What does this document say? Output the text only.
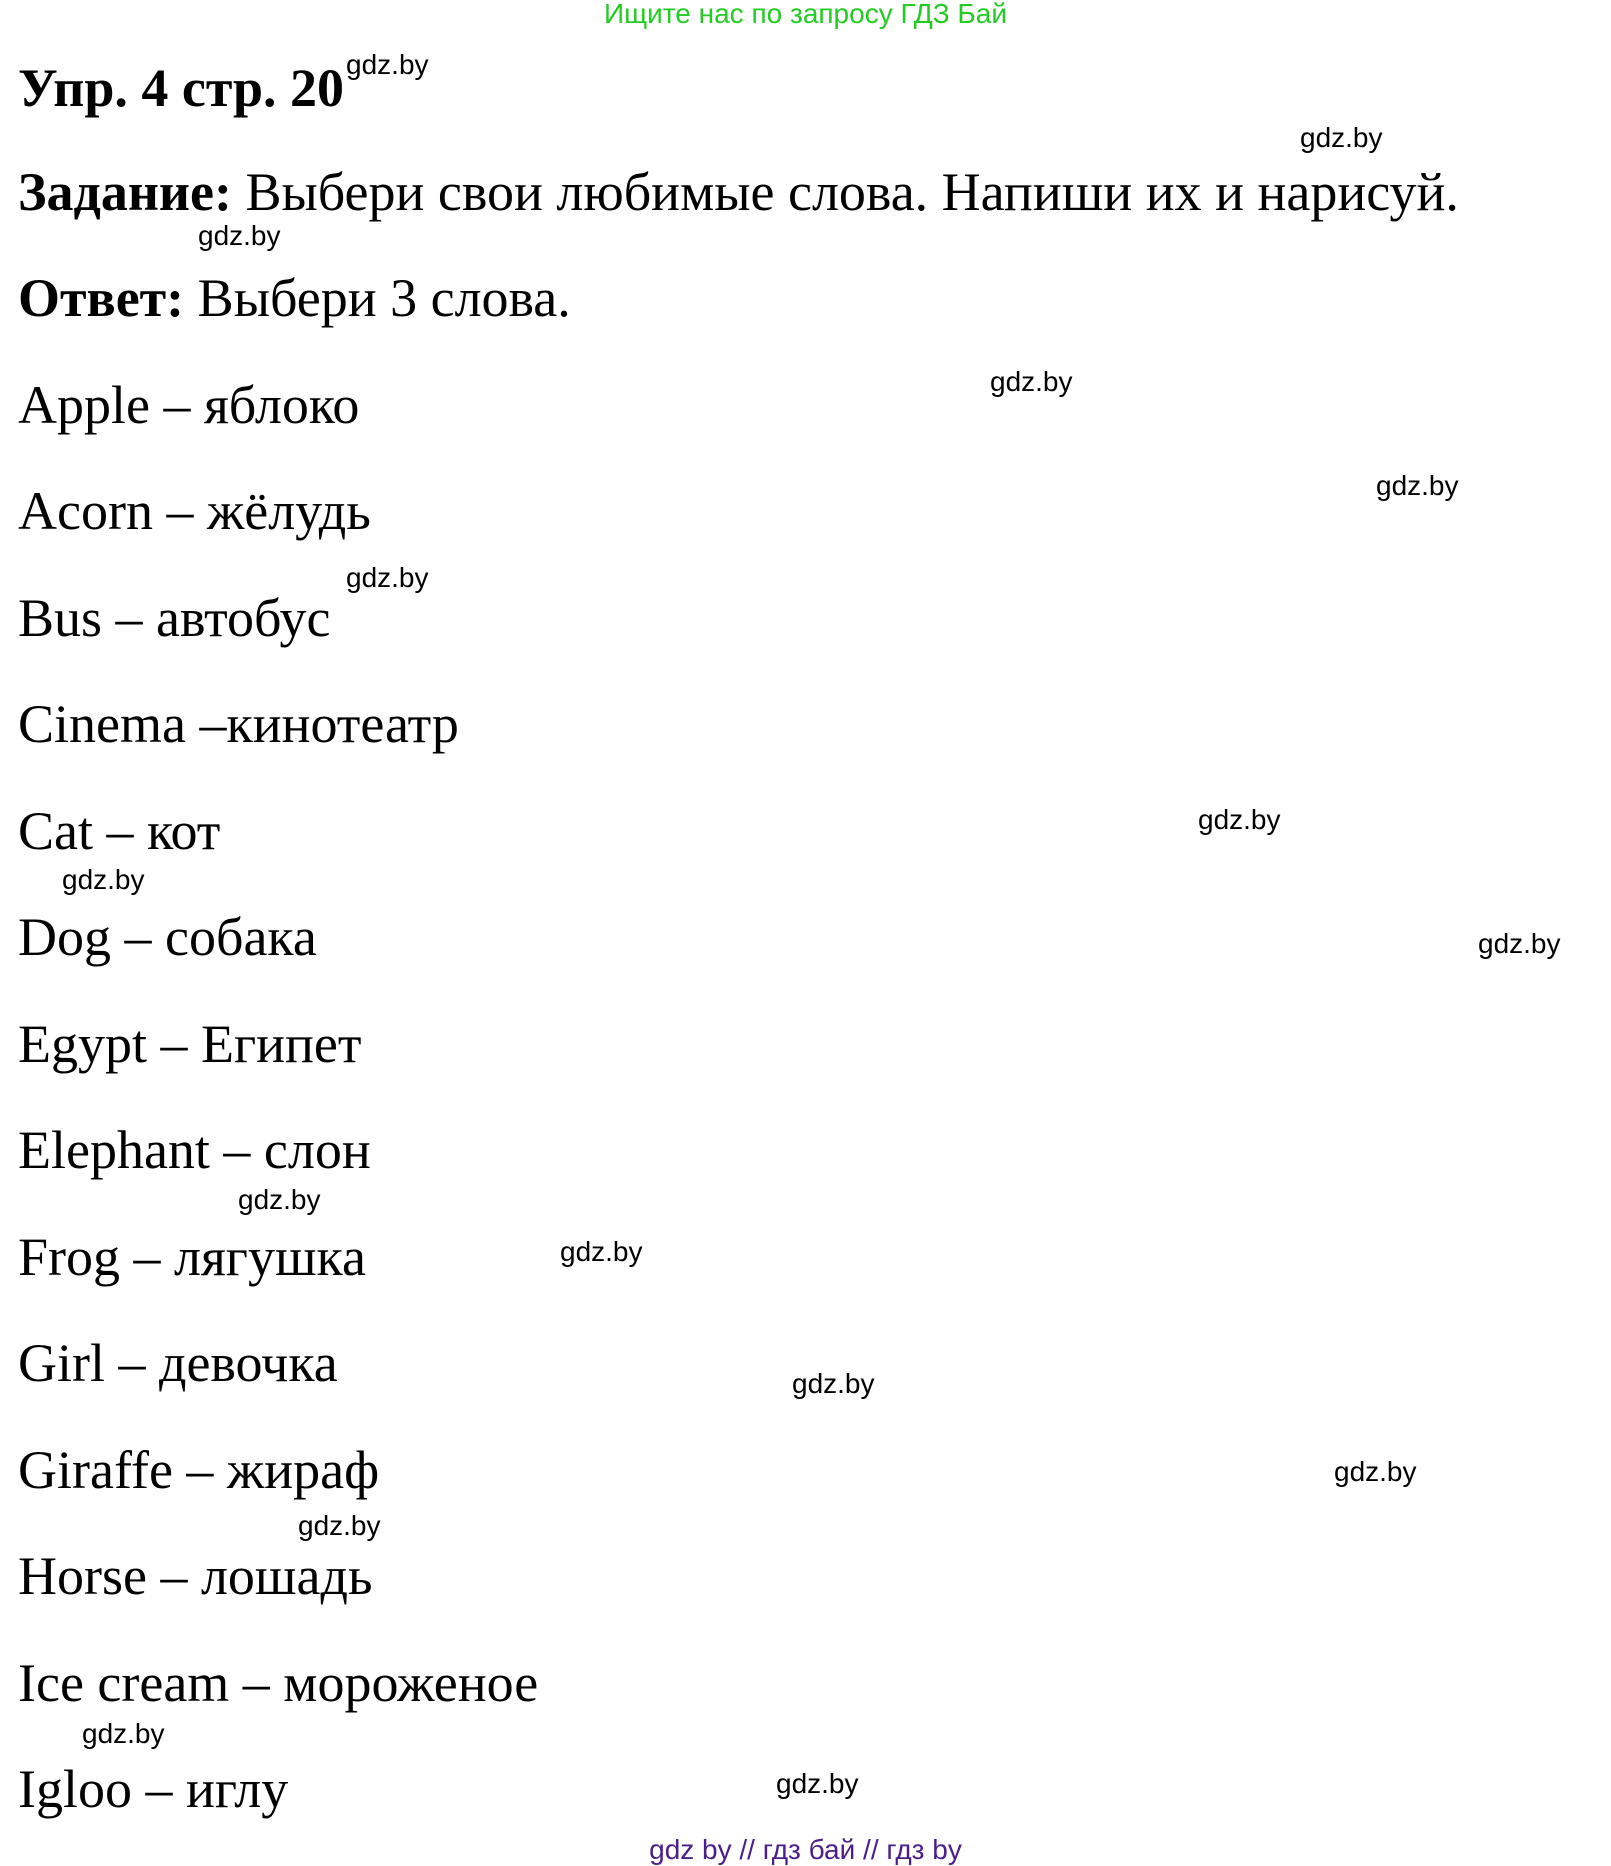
Ищите нас по запросу ГДЗ Бай
Упр. 4 стр. $20^{gdz.by}$
Задание: Выбери свои любимые слова. Напиши их и нарисуй.
Ответ: Выбери 3 слова.
Apple – яблоко
Acorn – жёлудь
Bus – автобус
Cinema –кинотеатр
Cat – кот
Dog – собака
Egypt – Египет
Elephant – слон
Frog – лягушка
Girl – девочка
Giraffe – жираф
Horse – лошадь
Ice cream – мороженое
Igloo – иглу
gdz.by
gdz.by
gdz.by
gdz.by
gdz.by
gdz.by
gdz.by
gdz.by
gdz.by
gdz.by
gdz.by
gdz.by
gdz.by
gdz.by
gdz.by
gdz by // гдз бай // гдз by
